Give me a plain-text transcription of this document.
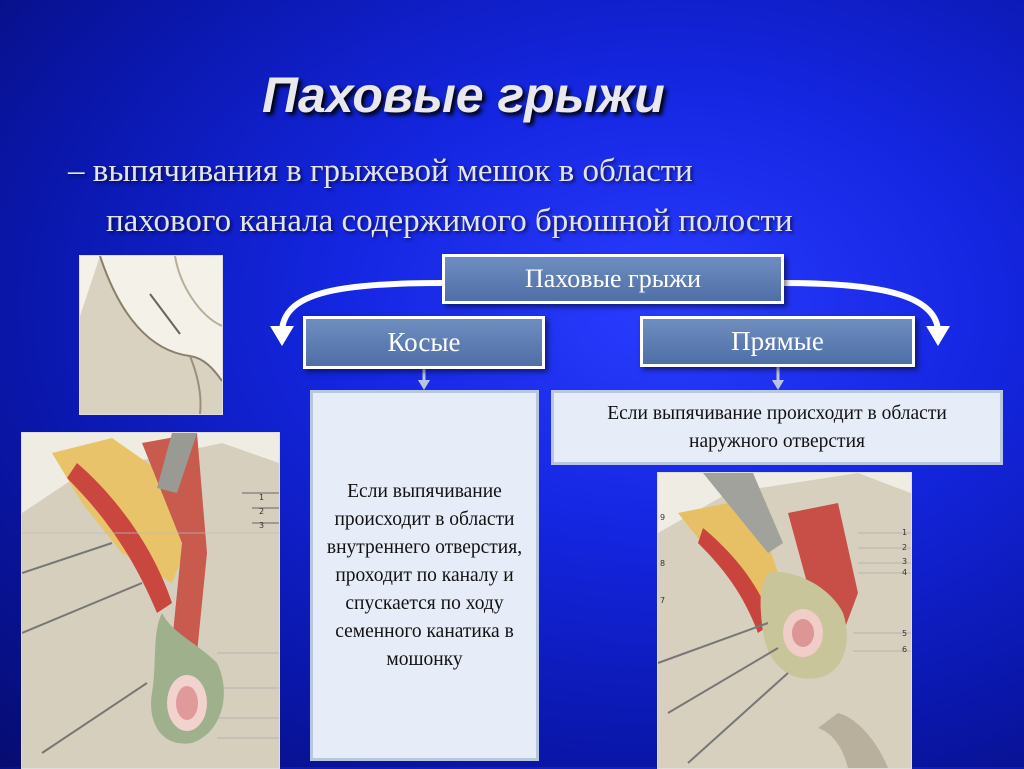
Паховые грыжи
– выпячивания в грыжевой мешок в области
пахового канала содержимого брюшной полости
1
2
3
9
8
7
1
2
3
4
5
6
Паховые грыжи
Косые	Прямые
Если выпячивание происходит в области внутреннего отверстия, проходит по каналу и спускается по ходу семенного канатика в мошонку
Если выпячивание происходит в области наружного отверстия
